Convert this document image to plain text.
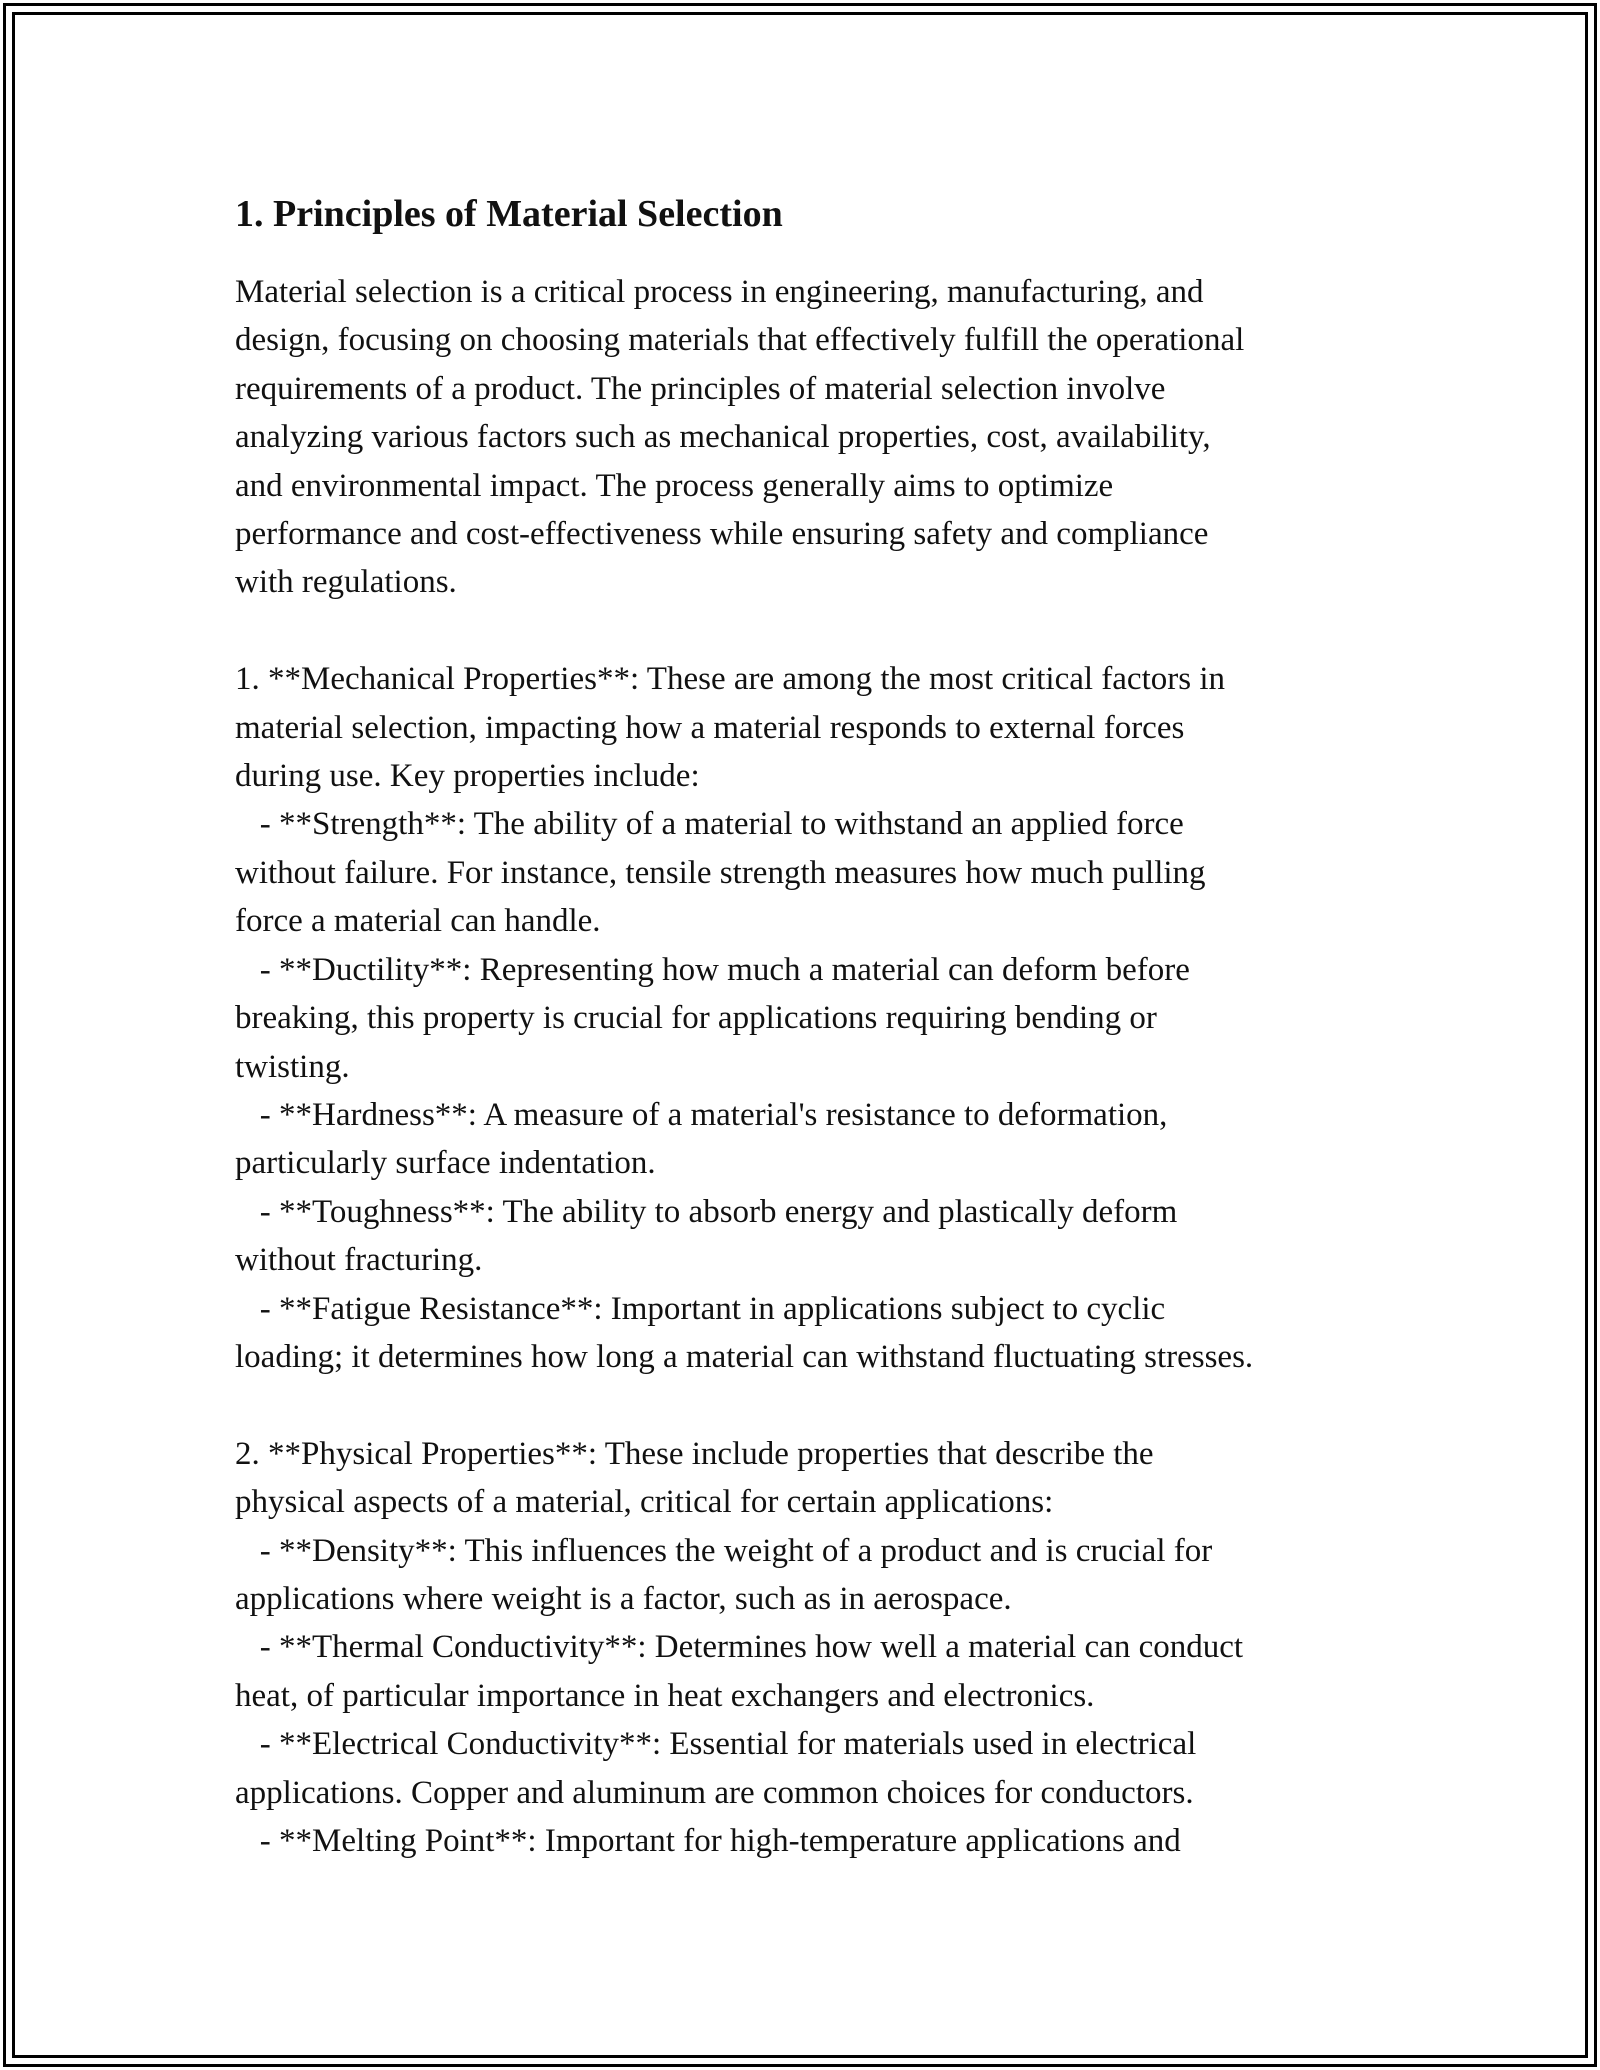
1. Principles of Material Selection

Material selection is a critical process in engineering, manufacturing, and
design, focusing on choosing materials that effectively fulfill the operational
requirements of a product. The principles of material selection involve
analyzing various factors such as mechanical properties, cost, availability,
and environmental impact. The process generally aims to optimize
performance and cost-effectiveness while ensuring safety and compliance
with regulations.

1. **Mechanical Properties**: These are among the most critical factors in
material selection, impacting how a material responds to external forces
during use. Key properties include:
- **Strength**: The ability of a material to withstand an applied force
without failure. For instance, tensile strength measures how much pulling
force a material can handle.
- **Ductility**: Representing how much a material can deform before
breaking, this property is crucial for applications requiring bending or
twisting.
- **Hardness**: A measure of a material's resistance to deformation,
particularly surface indentation.
- **Toughness**: The ability to absorb energy and plastically deform
without fracturing.
- **Fatigue Resistance**: Important in applications subject to cyclic
loading; it determines how long a material can withstand fluctuating stresses.

2. **Physical Properties**: These include properties that describe the
physical aspects of a material, critical for certain applications:
- **Density**: This influences the weight of a product and is crucial for
applications where weight is a factor, such as in aerospace.
- **Thermal Conductivity**: Determines how well a material can conduct
heat, of particular importance in heat exchangers and electronics.
- **Electrical Conductivity**: Essential for materials used in electrical
applications. Copper and aluminum are common choices for conductors.
- **Melting Point**: Important for high-temperature applications and
